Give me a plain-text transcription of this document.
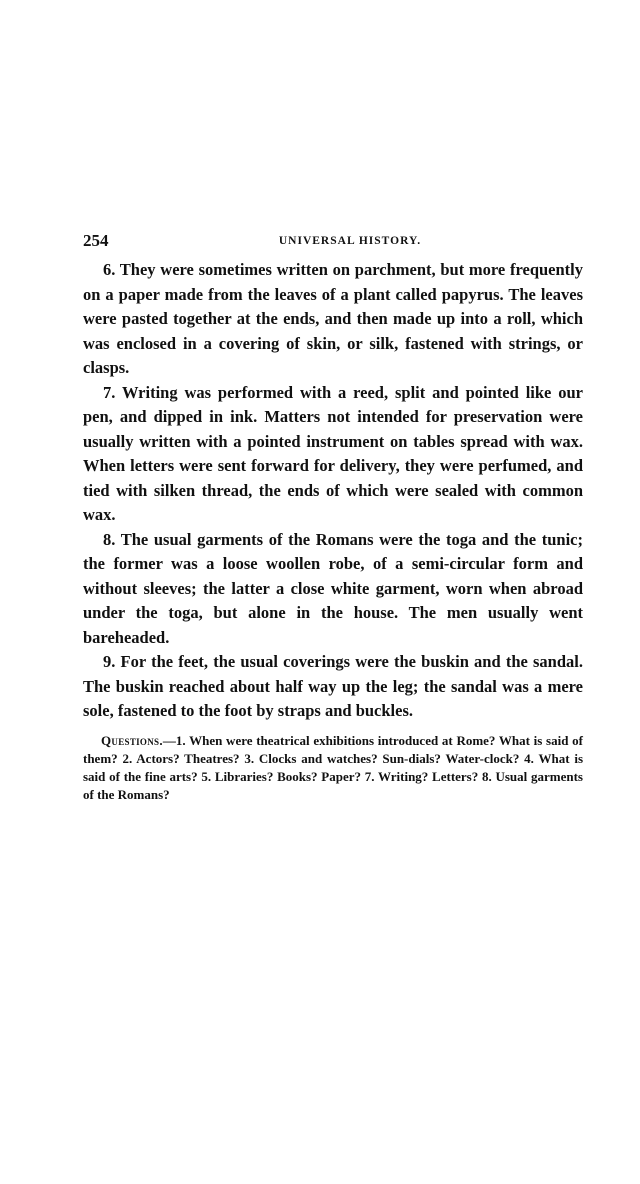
254	UNIVERSAL HISTORY.

6. They were sometimes written on parchment, but more frequently on a paper made from the leaves of a plant called papyrus. The leaves were pasted together at the ends, and then made up into a roll, which was enclosed in a covering of skin, or silk, fastened with strings, or clasps.

7. Writing was performed with a reed, split and pointed like our pen, and dipped in ink. Matters not intended for preservation were usually written with a pointed instrument on tables spread with wax. When letters were sent forward for delivery, they were perfumed, and tied with silken thread, the ends of which were sealed with common wax.

8. The usual garments of the Romans were the toga and the tunic; the former was a loose woollen robe, of a semi-circular form and without sleeves; the latter a close white garment, worn when abroad under the toga, but alone in the house. The men usually went bareheaded.

9. For the feet, the usual coverings were the buskin and the sandal. The buskin reached about half way up the leg; the sandal was a mere sole, fastened to the foot by straps and buckles.

Questions.—1. When were theatrical exhibitions introduced at Rome? What is said of them? 2. Actors? Theatres? 3. Clocks and watches? Sun-dials? Water-clock? 4. What is said of the fine arts? 5. Libraries? Books? Paper? 7. Writing? Letters? 8. Usual garments of the Romans?
